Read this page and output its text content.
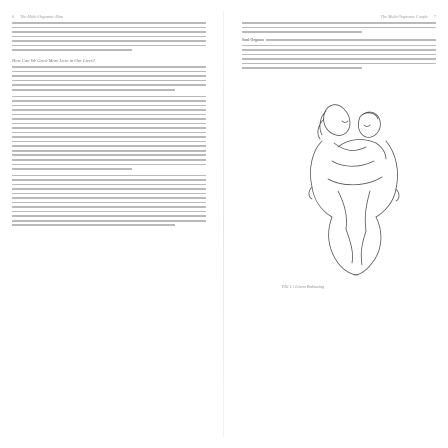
6 The Multi-Orgasmic Man
How Can We Grow More Love in Our Lives?
The Multi-Orgasmic Couple 7
Soul Orgasm
FIG 1.1 Lovers Embracing
